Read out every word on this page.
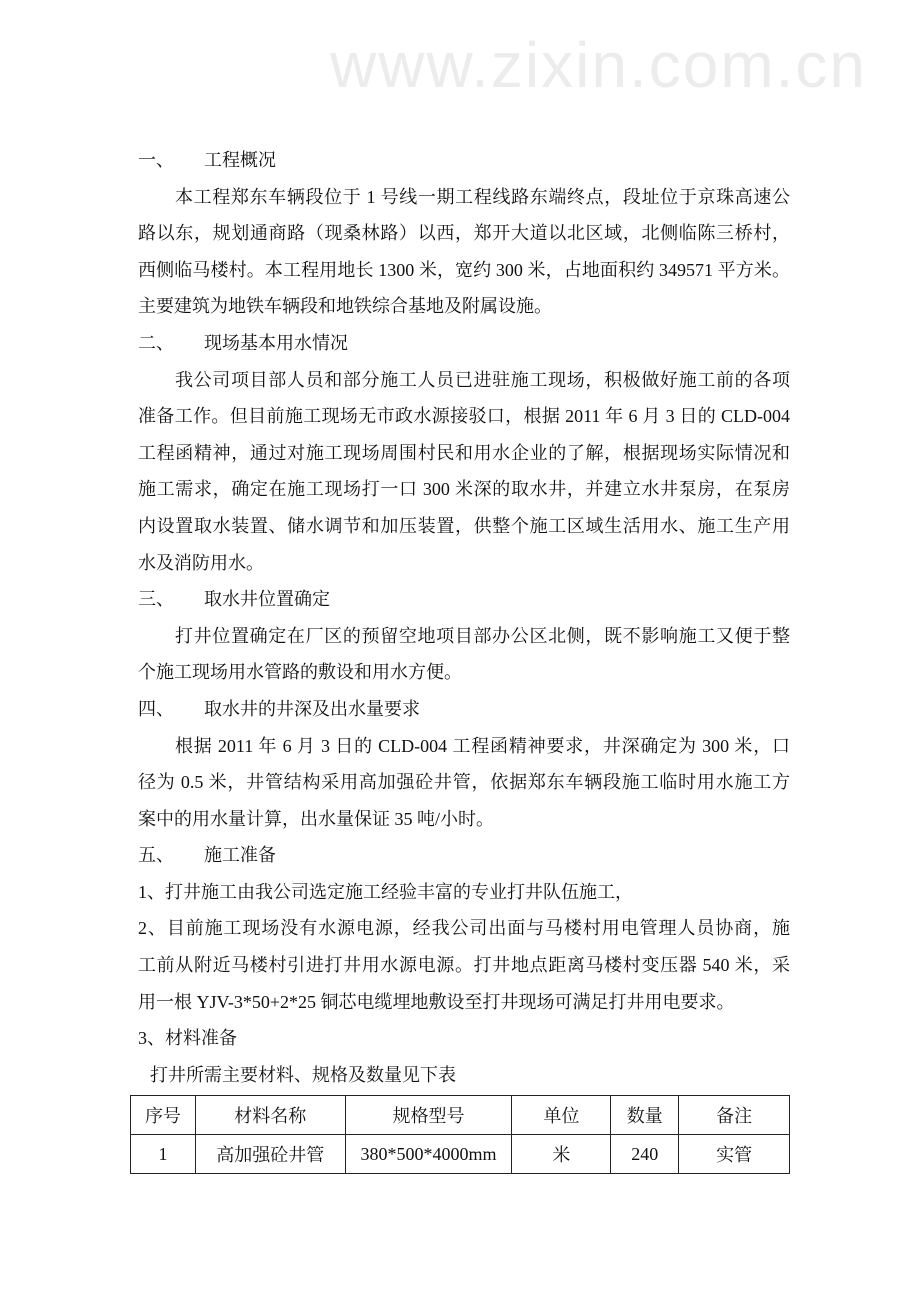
www.zixin.com.cn
一、 工程概况
本工程郑东车辆段位于 1 号线一期工程线路东端终点，段址位于京珠高速公
路以东，规划通商路（现桑林路）以西，郑开大道以北区域，北侧临陈三桥村，
西侧临马楼村。本工程用地长 1300 米，宽约 300 米，占地面积约 349571 平方米。
主要建筑为地铁车辆段和地铁综合基地及附属设施。
二、 现场基本用水情况
我公司项目部人员和部分施工人员已进驻施工现场，积极做好施工前的各项
准备工作。但目前施工现场无市政水源接驳口，根据 2011 年 6 月 3 日的 CLD-004
工程函精神，通过对施工现场周围村民和用水企业的了解，根据现场实际情况和
施工需求，确定在施工现场打一口 300 米深的取水井，并建立水井泵房，在泵房
内设置取水装置、储水调节和加压装置，供整个施工区域生活用水、施工生产用
水及消防用水。
三、 取水井位置确定
打井位置确定在厂区的预留空地项目部办公区北侧，既不影响施工又便于整
个施工现场用水管路的敷设和用水方便。
四、 取水井的井深及出水量要求
根据 2011 年 6 月 3 日的 CLD-004 工程函精神要求，井深确定为 300 米，口
径为 0.5 米，井管结构采用高加强砼井管，依据郑东车辆段施工临时用水施工方
案中的用水量计算，出水量保证 35 吨/小时。
五、 施工准备
1、打井施工由我公司选定施工经验丰富的专业打井队伍施工，
2、目前施工现场没有水源电源，经我公司出面与马楼村用电管理人员协商，施
工前从附近马楼村引进打井用水源电源。打井地点距离马楼村变压器 540 米，采
用一根 YJV-3*50+2*25 铜芯电缆埋地敷设至打井现场可满足打井用电要求。
3、材料准备
打井所需主要材料、规格及数量见下表
序号	材料名称	规格型号	单位	数量	备注
1	高加强砼井管	380*500*4000mm	米	240	实管
